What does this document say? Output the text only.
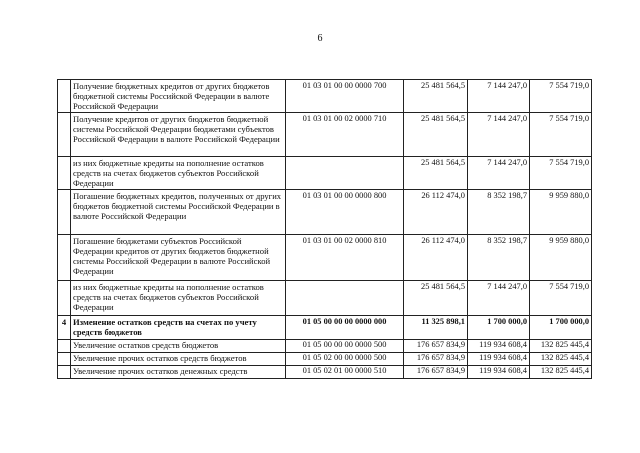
6
	Получение бюджетных кредитов от других бюджетов бюджетной системы Российской Федерации в валюте Российской Федерации	01 03 01 00 00 0000 700	25 481 564,5	7 144 247,0	7 554 719,0
	Получение кредитов от других бюджетов бюджетной системы Российской Федерации бюджетами субъектов Российской Федерации в валюте Российской Федерации	01 03 01 00 02 0000 710	25 481 564,5	7 144 247,0	7 554 719,0
	из них бюджетные кредиты на пополнение остатков средств на счетах бюджетов субъектов Российской Федерации		25 481 564,5	7 144 247,0	7 554 719,0
	Погашение бюджетных кредитов, полученных от других бюджетов бюджетной системы Российской Федерации в валюте Российской Федерации	01 03 01 00 00 0000 800	26 112 474,0	8 352 198,7	9 959 880,0
	Погашение бюджетами субъектов Российской Федерации кредитов от других бюджетов бюджетной системы Российской Федерации в валюте Российской Федерации	01 03 01 00 02 0000 810	26 112 474,0	8 352 198,7	9 959 880,0
	из них бюджетные кредиты на пополнение остатков средств на счетах бюджетов субъектов Российской Федерации		25 481 564,5	7 144 247,0	7 554 719,0
4	Изменение остатков средств на счетах по учету средств бюджетов	01 05 00 00 00 0000 000	11 325 898,1	1 700 000,0	1 700 000,0
	Увеличение остатков средств бюджетов	01 05 00 00 00 0000 500	176 657 834,9	119 934 608,4	132 825 445,4
	Увеличение прочих остатков средств бюджетов	01 05 02 00 00 0000 500	176 657 834,9	119 934 608,4	132 825 445,4
	Увеличение прочих остатков денежных средств	01 05 02 01 00 0000 510	176 657 834,9	119 934 608,4	132 825 445,4
